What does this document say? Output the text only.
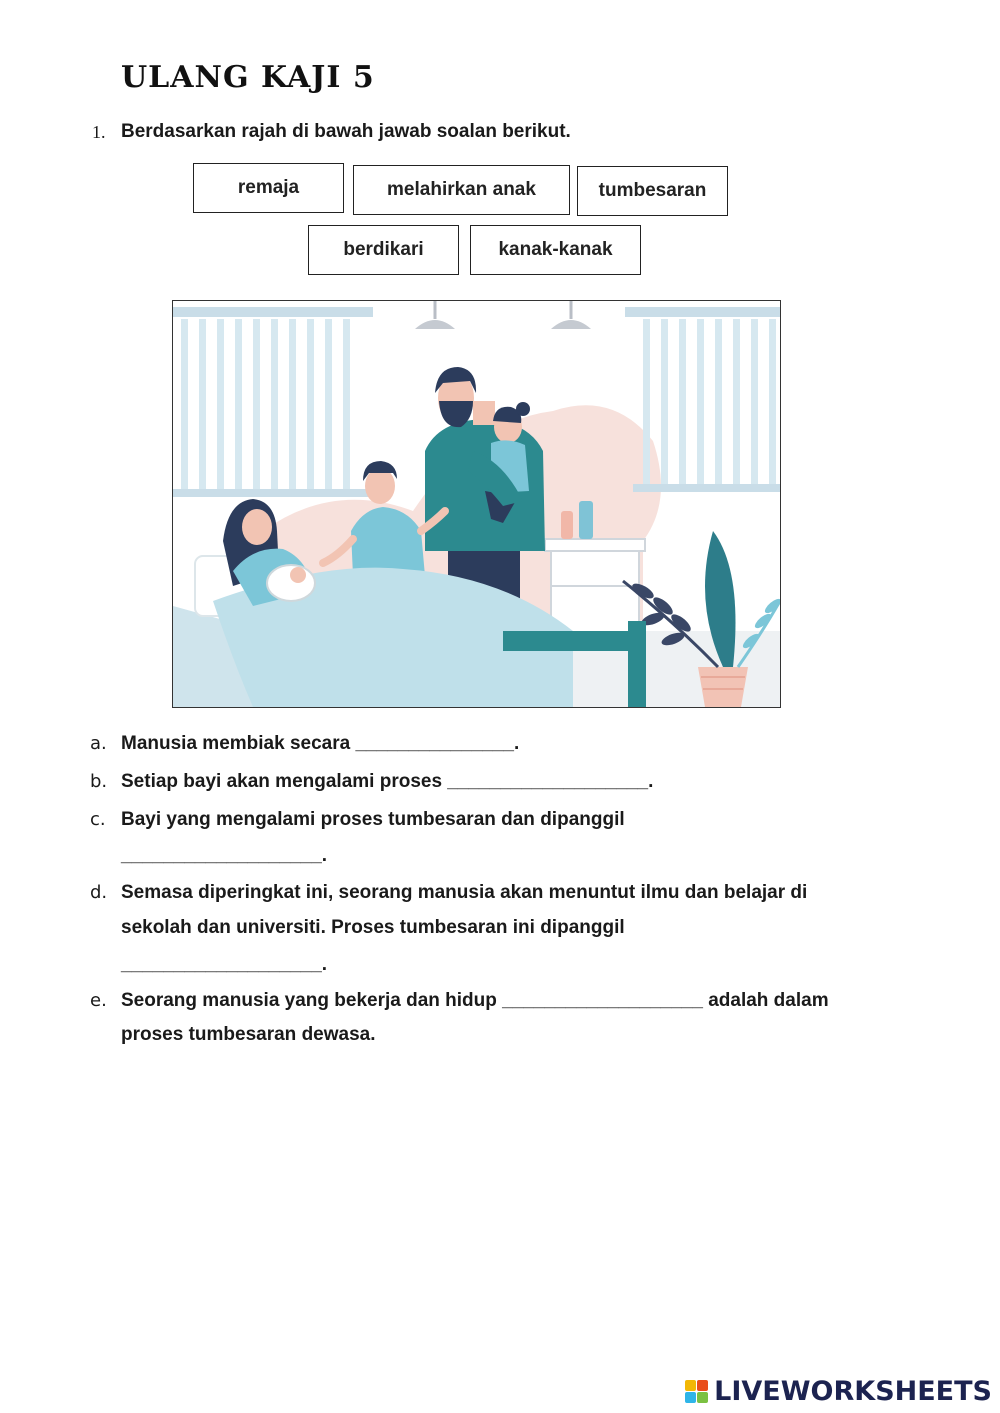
ULANG KAJI 5
1. Berdasarkan rajah di bawah jawab soalan berikut.
remaja	melahirkan anak	tumbesaran
berdikari	kanak-kanak
a. Manusia membiak secara _______________.
b. Setiap bayi akan mengalami proses ___________________.
c. Bayi yang mengalami proses tumbesaran dan dipanggil
___________________.
d. Semasa diperingkat ini, seorang manusia akan menuntut ilmu dan belajar di
sekolah dan universiti. Proses tumbesaran ini dipanggil
___________________.
e. Seorang manusia yang bekerja dan hidup ___________________ adalah dalam
proses tumbesaran dewasa.
LIVEWORKSHEETS
